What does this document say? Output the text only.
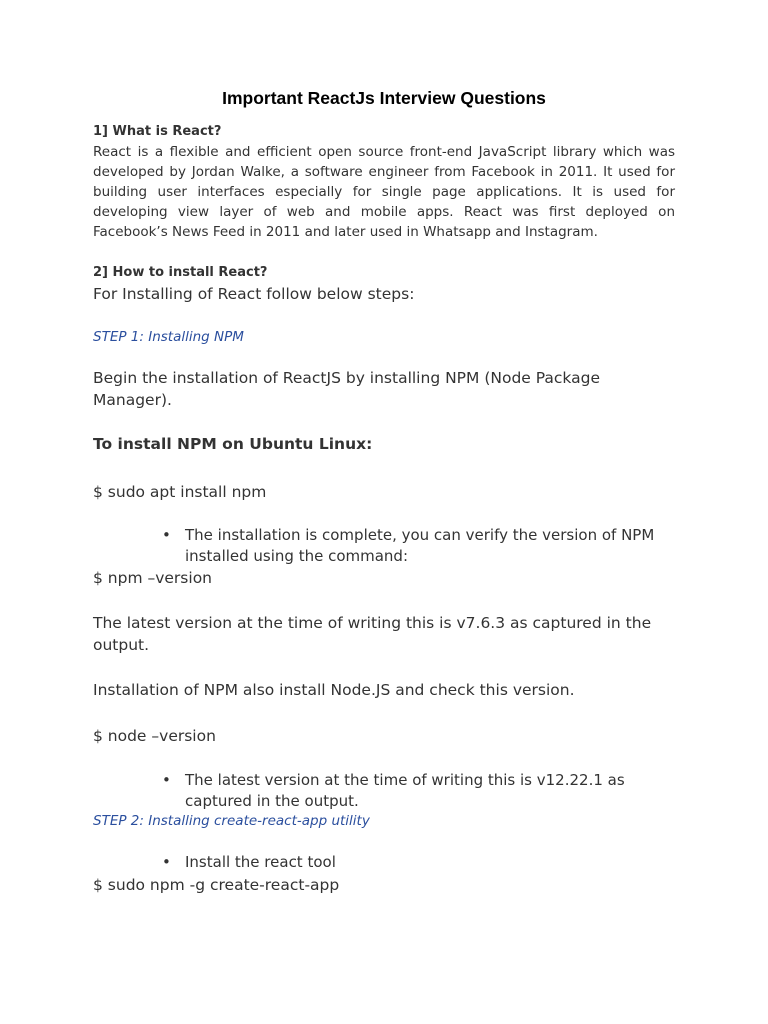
Important ReactJs Interview Questions

1] What is React?

React is a flexible and efficient open source front-end JavaScript library which was developed by Jordan Walke, a software engineer from Facebook in 2011. It used for building user interfaces especially for single page applications. It is used for developing view layer of web and mobile apps. React was first deployed on Facebook’s News Feed in 2011 and later used in Whatsapp and Instagram.

2] How to install React?

For Installing of React follow below steps:

STEP 1: Installing NPM

Begin the installation of ReactJS by installing NPM (Node Package Manager).

To install NPM on Ubuntu Linux:

$ sudo apt install npm

• The installation is complete, you can verify the version of NPM installed using the command:

$ npm –version

The latest version at the time of writing this is v7.6.3 as captured in the output.

Installation of NPM also install Node.JS and check this version.

$ node –version

• The latest version at the time of writing this is v12.22.1 as captured in the output.

STEP 2: Installing create-react-app utility

• Install the react tool

$ sudo npm -g create-react-app
